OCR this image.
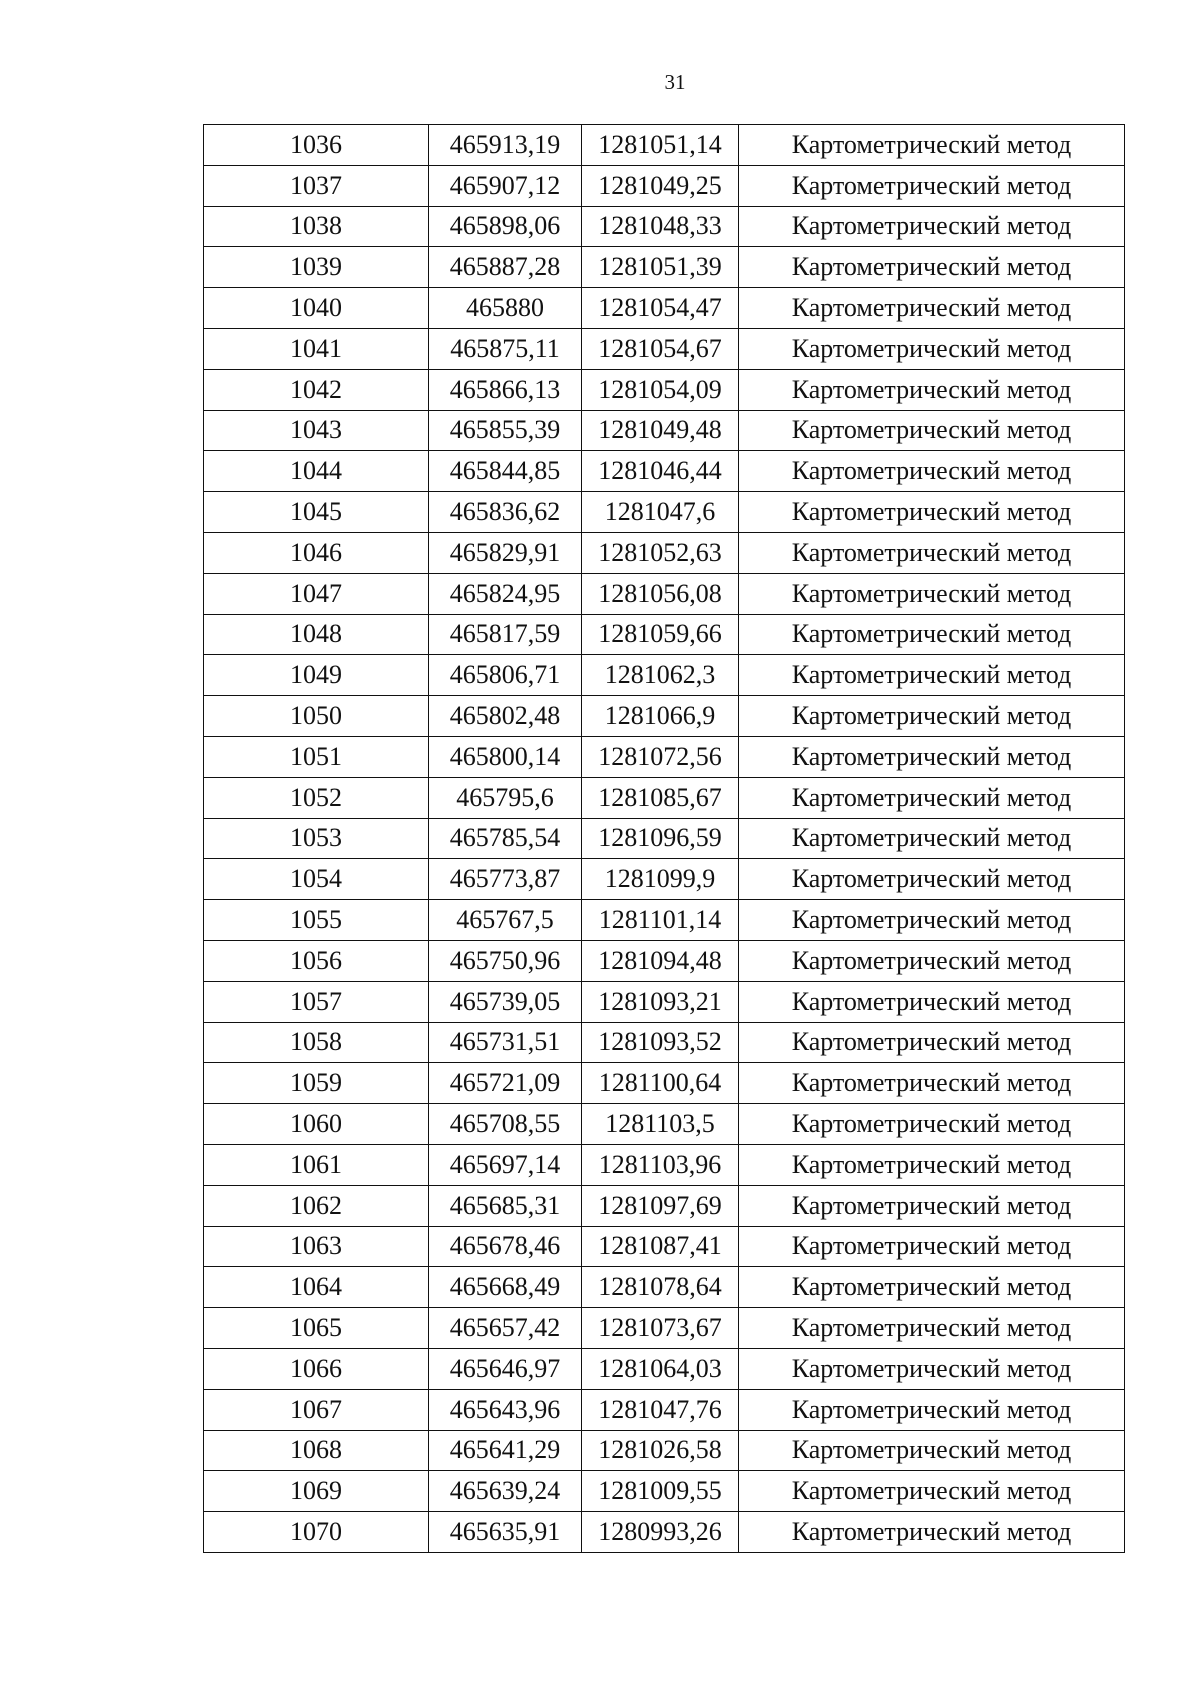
31
1036	465913,19	1281051,14	Картометрический метод
1037	465907,12	1281049,25	Картометрический метод
1038	465898,06	1281048,33	Картометрический метод
1039	465887,28	1281051,39	Картометрический метод
1040	465880	1281054,47	Картометрический метод
1041	465875,11	1281054,67	Картометрический метод
1042	465866,13	1281054,09	Картометрический метод
1043	465855,39	1281049,48	Картометрический метод
1044	465844,85	1281046,44	Картометрический метод
1045	465836,62	1281047,6	Картометрический метод
1046	465829,91	1281052,63	Картометрический метод
1047	465824,95	1281056,08	Картометрический метод
1048	465817,59	1281059,66	Картометрический метод
1049	465806,71	1281062,3	Картометрический метод
1050	465802,48	1281066,9	Картометрический метод
1051	465800,14	1281072,56	Картометрический метод
1052	465795,6	1281085,67	Картометрический метод
1053	465785,54	1281096,59	Картометрический метод
1054	465773,87	1281099,9	Картометрический метод
1055	465767,5	1281101,14	Картометрический метод
1056	465750,96	1281094,48	Картометрический метод
1057	465739,05	1281093,21	Картометрический метод
1058	465731,51	1281093,52	Картометрический метод
1059	465721,09	1281100,64	Картометрический метод
1060	465708,55	1281103,5	Картометрический метод
1061	465697,14	1281103,96	Картометрический метод
1062	465685,31	1281097,69	Картометрический метод
1063	465678,46	1281087,41	Картометрический метод
1064	465668,49	1281078,64	Картометрический метод
1065	465657,42	1281073,67	Картометрический метод
1066	465646,97	1281064,03	Картометрический метод
1067	465643,96	1281047,76	Картометрический метод
1068	465641,29	1281026,58	Картометрический метод
1069	465639,24	1281009,55	Картометрический метод
1070	465635,91	1280993,26	Картометрический метод
